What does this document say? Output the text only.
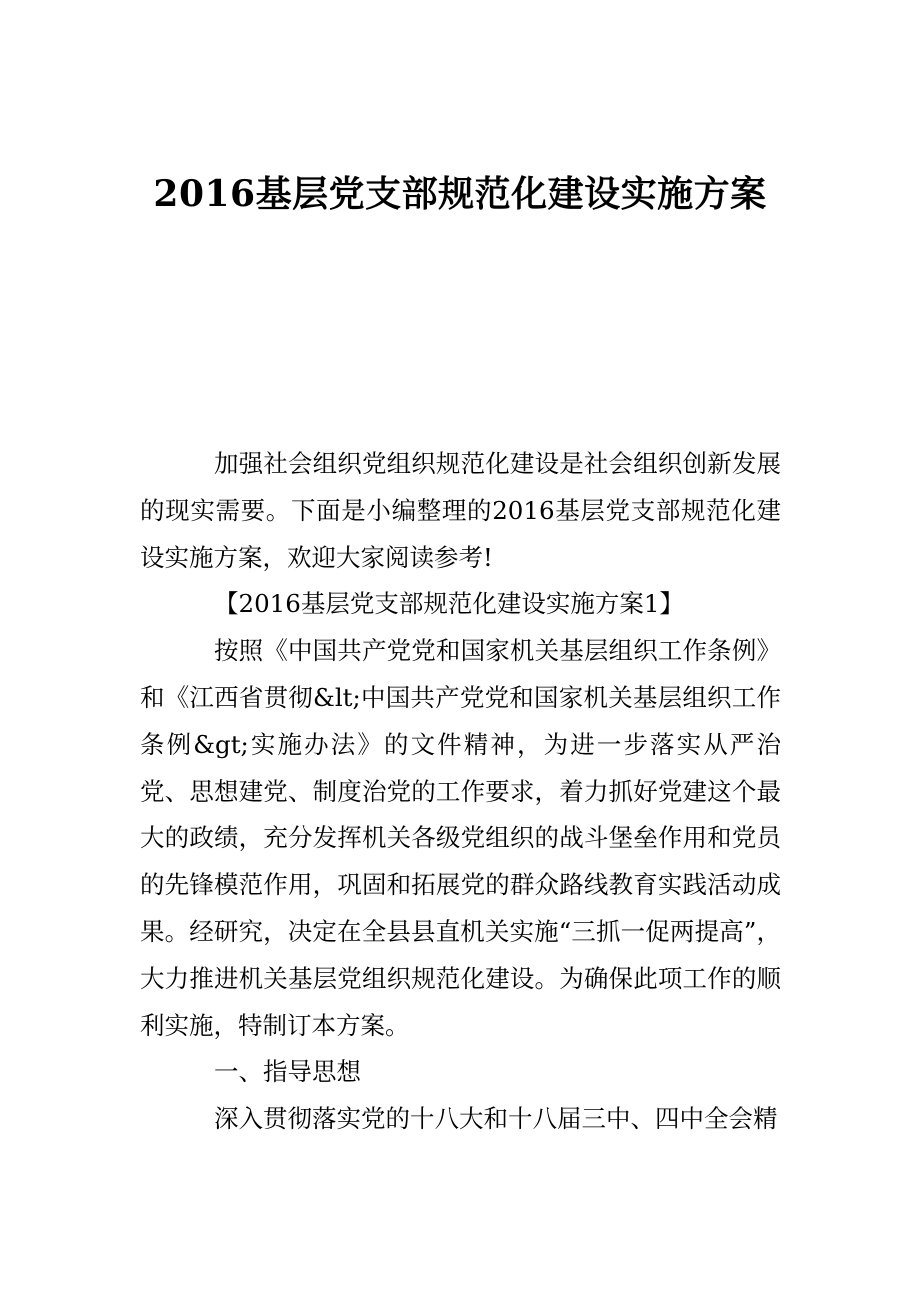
2016基层党支部规范化建设实施方案

加强社会组织党组织规范化建设是社会组织创新发展的现实需要。下面是小编整理的2016基层党支部规范化建设实施方案，欢迎大家阅读参考!

【2016基层党支部规范化建设实施方案1】

按照《中国共产党党和国家机关基层组织工作条例》和《江西省贯彻&lt;中国共产党党和国家机关基层组织工作条例&gt;实施办法》的文件精神，为进一步落实从严治党、思想建党、制度治党的工作要求，着力抓好党建这个最大的政绩，充分发挥机关各级党组织的战斗堡垒作用和党员的先锋模范作用，巩固和拓展党的群众路线教育实践活动成果。经研究，决定在全县县直机关实施“三抓一促两提高”，大力推进机关基层党组织规范化建设。为确保此项工作的顺利实施，特制订本方案。

一、指导思想

深入贯彻落实党的十八大和十八届三中、四中全会精
